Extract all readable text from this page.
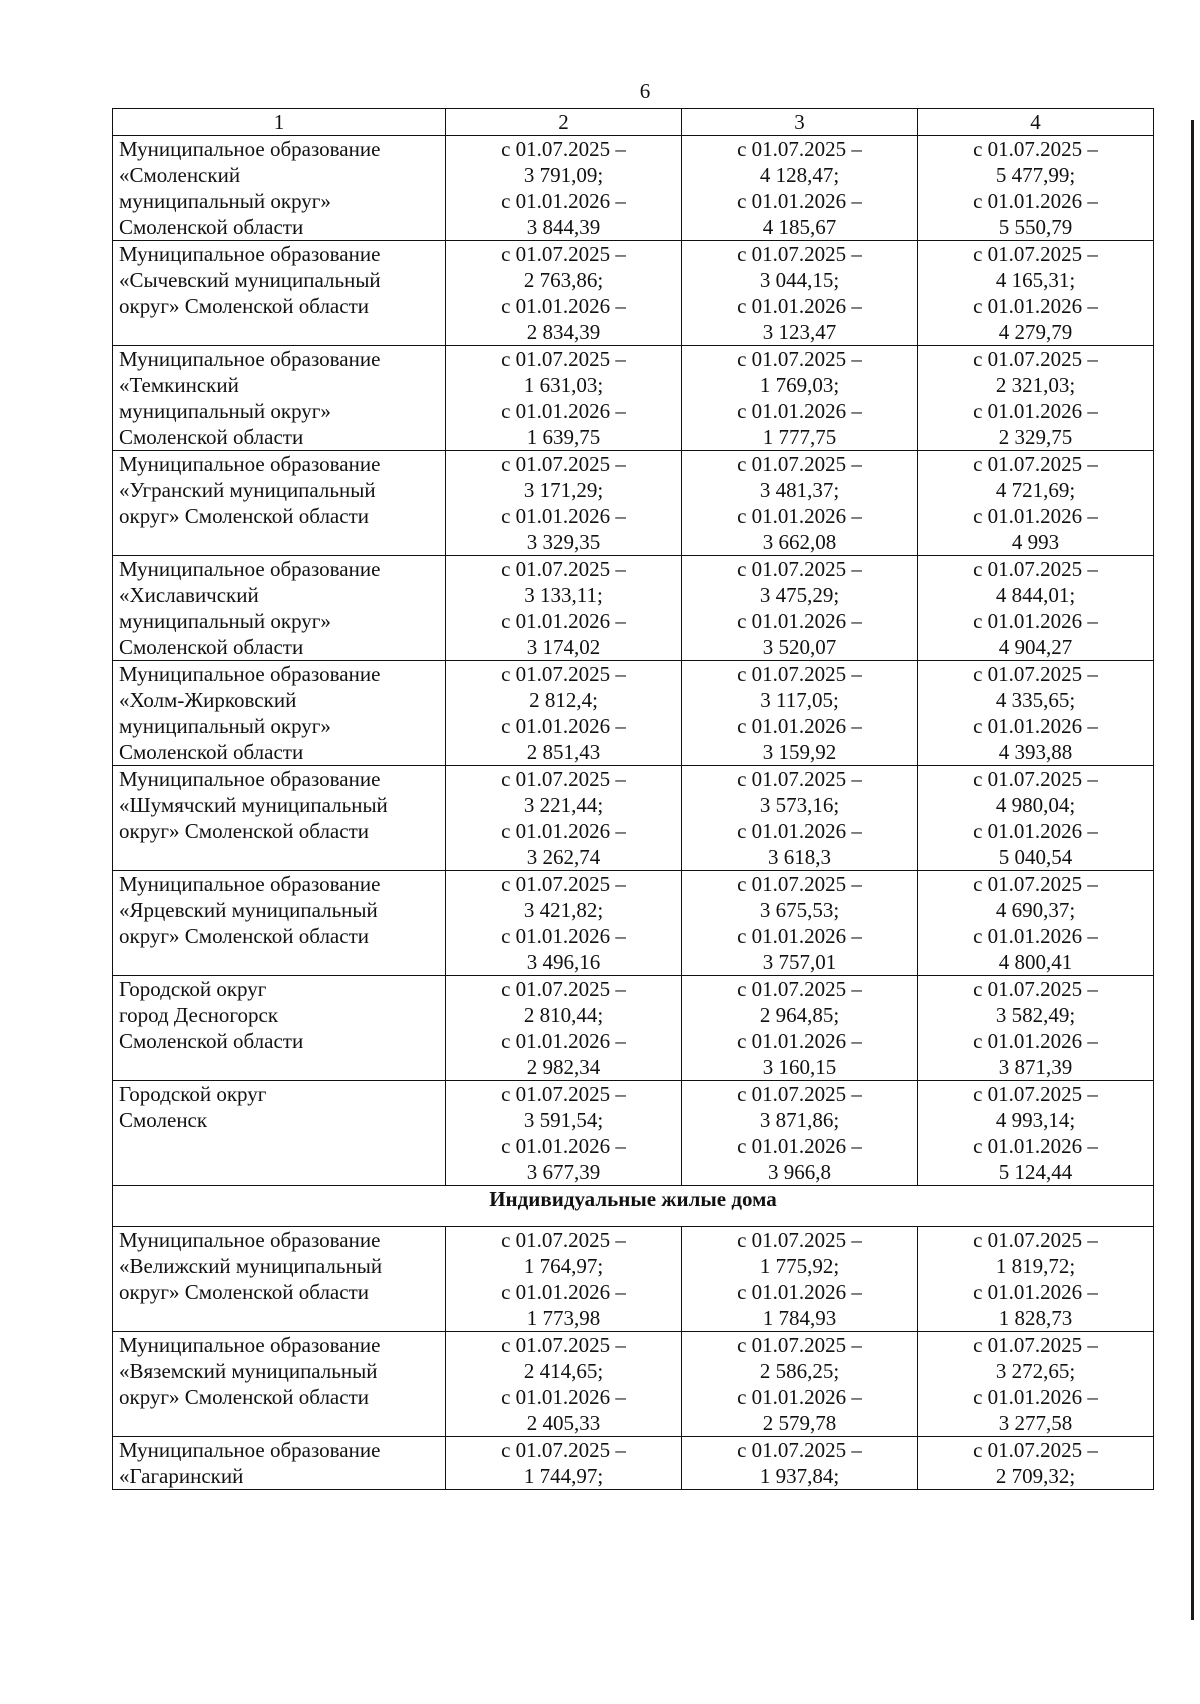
6
1	2	3	4

Муниципальное образование
«Смоленский
муниципальный округ»
Смоленской области	с 01.07.2025 –
3 791,09;
с 01.01.2026 –
3 844,39	с 01.07.2025 –
4 128,47;
с 01.01.2026 –
4 185,67	с 01.07.2025 –
5 477,99;
с 01.01.2026 –
5 550,79

Муниципальное образование
«Сычевский муниципальный
округ» Смоленской области	с 01.07.2025 –
2 763,86;
с 01.01.2026 –
2 834,39	с 01.07.2025 –
3 044,15;
с 01.01.2026 –
3 123,47	с 01.07.2025 –
4 165,31;
с 01.01.2026 –
4 279,79

Муниципальное образование
«Темкинский
муниципальный округ»
Смоленской области	с 01.07.2025 –
1 631,03;
с 01.01.2026 –
1 639,75	с 01.07.2025 –
1 769,03;
с 01.01.2026 –
1 777,75	с 01.07.2025 –
2 321,03;
с 01.01.2026 –
2 329,75

Муниципальное образование
«Угранский муниципальный
округ» Смоленской области	с 01.07.2025 –
3 171,29;
с 01.01.2026 –
3 329,35	с 01.07.2025 –
3 481,37;
с 01.01.2026 –
3 662,08	с 01.07.2025 –
4 721,69;
с 01.01.2026 –
4 993

Муниципальное образование
«Хиславичский
муниципальный округ»
Смоленской области	с 01.07.2025 –
3 133,11;
с 01.01.2026 –
3 174,02	с 01.07.2025 –
3 475,29;
с 01.01.2026 –
3 520,07	с 01.07.2025 –
4 844,01;
с 01.01.2026 –
4 904,27

Муниципальное образование
«Холм-Жирковский
муниципальный округ»
Смоленской области	с 01.07.2025 –
2 812,4;
с 01.01.2026 –
2 851,43	с 01.07.2025 –
3 117,05;
с 01.01.2026 –
3 159,92	с 01.07.2025 –
4 335,65;
с 01.01.2026 –
4 393,88

Муниципальное образование
«Шумячский муниципальный
округ» Смоленской области	с 01.07.2025 –
3 221,44;
с 01.01.2026 –
3 262,74	с 01.07.2025 –
3 573,16;
с 01.01.2026 –
3 618,3	с 01.07.2025 –
4 980,04;
с 01.01.2026 –
5 040,54

Муниципальное образование
«Ярцевский муниципальный
округ» Смоленской области	с 01.07.2025 –
3 421,82;
с 01.01.2026 –
3 496,16	с 01.07.2025 –
3 675,53;
с 01.01.2026 –
3 757,01	с 01.07.2025 –
4 690,37;
с 01.01.2026 –
4 800,41

Городской округ
город Десногорск
Смоленской области	с 01.07.2025 –
2 810,44;
с 01.01.2026 –
2 982,34	с 01.07.2025 –
2 964,85;
с 01.01.2026 –
3 160,15	с 01.07.2025 –
3 582,49;
с 01.01.2026 –
3 871,39

Городской округ
Смоленск	с 01.07.2025 –
3 591,54;
с 01.01.2026 –
3 677,39	с 01.07.2025 –
3 871,86;
с 01.01.2026 –
3 966,8	с 01.07.2025 –
4 993,14;
с 01.01.2026 –
5 124,44

Индивидуальные жилые дома			

Муниципальное образование
«Велижский муниципальный
округ» Смоленской области	с 01.07.2025 –
1 764,97;
с 01.01.2026 –
1 773,98	с 01.07.2025 –
1 775,92;
с 01.01.2026 –
1 784,93	с 01.07.2025 –
1 819,72;
с 01.01.2026 –
1 828,73

Муниципальное образование
«Вяземский муниципальный
округ» Смоленской области	с 01.07.2025 –
2 414,65;
с 01.01.2026 –
2 405,33	с 01.07.2025 –
2 586,25;
с 01.01.2026 –
2 579,78	с 01.07.2025 –
3 272,65;
с 01.01.2026 –
3 277,58

Муниципальное образование
«Гагаринский	с 01.07.2025 –
1 744,97;	с 01.07.2025 –
1 937,84;	с 01.07.2025 –
2 709,32;
